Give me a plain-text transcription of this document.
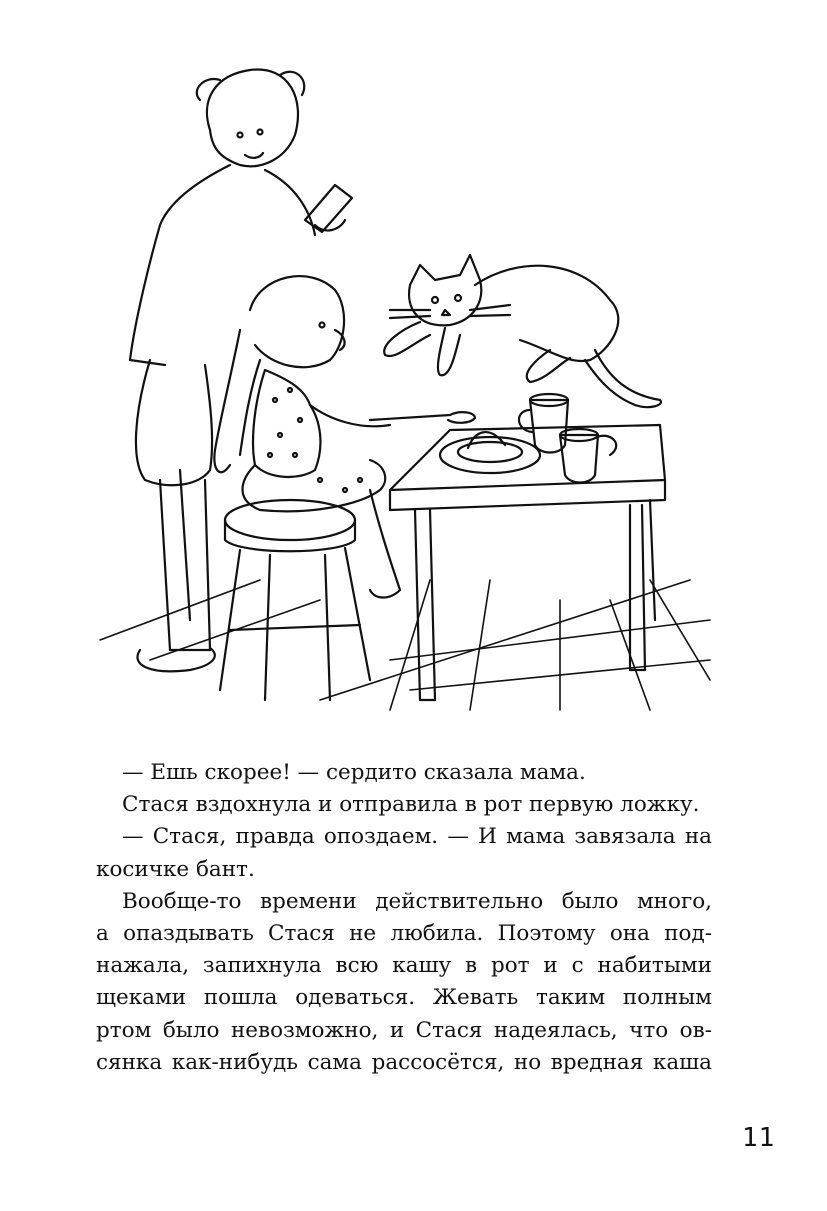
— Ешь скорее! — сердито сказала мама.

Стася вздохнула и отправила в рот первую ложку.

— Стася, правда опоздаем. — И мама завязала на
косичке бант.

Вообще-то времени действительно было много,
а опаздывать Стася не любила. Поэтому она под-
нажала, запихнула всю кашу в рот и с набитыми
щеками пошла одеваться. Жевать таким полным
ртом было невозможно, и Стася надеялась, что ов-
сянка как-нибудь сама рассосётся, но вредная каша

11
